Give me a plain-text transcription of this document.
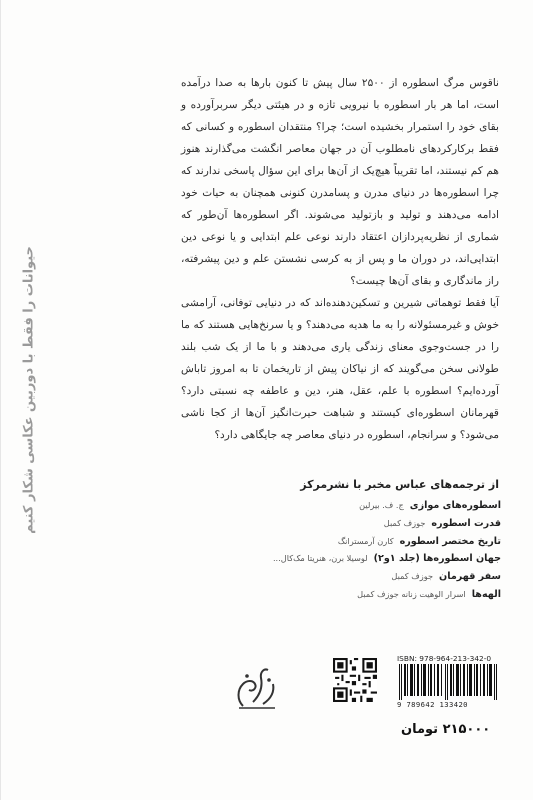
حیوانات را فقط با دوربین عکاسی شکار کنیم

ناقوس مرگ اسطوره از ۲۵۰۰ سال پیش تا کنون بارها به صدا درآمده است، اما هر بار اسطوره با نیرویی تازه و در هیئتی دیگر سربرآورده و بقای خود را استمرار بخشیده است؛ چرا؟ منتقدان اسطوره و کسانی که فقط برکارکردهای نامطلوب آن در جهان معاصر انگشت می‌گذارند هنوز هم کم نیستند، اما تقریباً هیچ‌یک از آن‌ها برای این سؤال پاسخی ندارند که چرا اسطوره‌ها در دنیای مدرن و پسامدرن کنونی همچنان به حیات خود ادامه می‌دهند و تولید و بازتولید می‌شوند. اگر اسطوره‌ها آن‌طور که شماری از نظریه‌پردازان اعتقاد دارند نوعی علم ابتدایی و یا نوعی دین ابتدایی‌اند، در دوران ما و پس از به کرسی نشستن علم و دین پیشرفته، راز ماندگاری و بقای آن‌ها چیست؟

آیا فقط توهماتی شیرین و تسکین‌دهنده‌اند که در دنیایی توفانی، آرامشی خوش و غیرمسئولانه را به ما هدیه می‌دهند؟ و یا سرنخ‌هایی هستند که ما را در جست‌وجوی معنای زندگی یاری می‌دهند و با ما از یک شب بلند طولانی سخن می‌گویند که از نیاکان پیش از تاریخمان تا به امروز تاباش آورده‌ایم؟ اسطوره با علم، عقل، هنر، دین و عاطفه چه نسبتی دارد؟ قهرمانان اسطوره‌ای کیستند و شباهت حیرت‌انگیز آن‌ها از کجا ناشی می‌شود؟ و سرانجام، اسطوره در دنیای معاصر چه جایگاهی دارد؟

از ترجمه‌های عباس مخبر با نشرمرکز
اسطوره‌های موازی
ج. ف. بیرلین
قدرت اسطوره
جوزف کمبل
تاریخ مختصر اسطوره
کارن آرمسترانگ
جهان اسطوره‌ها (جلد ۱و۲)
لوسیلا برن، هنریتا مک‌کال...
سفر قهرمان
جوزف کمبل
الهه‌ها
اسرار الوهیت زنانه جوزف کمبل
ISBN: 978-964-213-342-0
9 789642 133420
۲۱۵۰۰۰ تومان
